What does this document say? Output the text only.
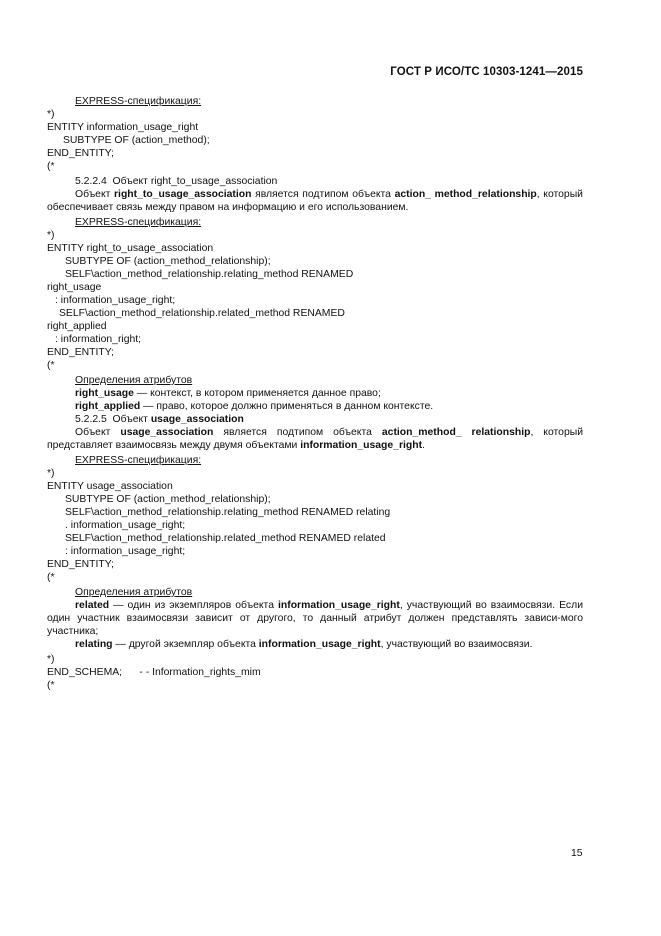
ГОСТ Р ИСО/ТС 10303-1241—2015
EXPRESS-спецификация:
*)
ENTITY information_usage_right
SUBTYPE OF (action_method);
END_ENTITY;
(*
5.2.2.4  Объект right_to_usage_association
Объект right_to_usage_association является подтипом объекта action_ method_relationship, который обеспечивает связь между правом на информацию и его использованием.
EXPRESS-спецификация:
*)
ENTITY right_to_usage_association
SUBTYPE OF (action_method_relationship);
SELF\action_method_relationship.relating_method RENAMED
right_usage
: information_usage_right;
SELF\action_method_relationship.related_method RENAMED
right_applied
: information_right;
END_ENTITY;
(*
Определения атрибутов
right_usage — контекст, в котором применяется данное право;
right_applied — право, которое должно применяться в данном контексте.
5.2.2.5  Объект usage_association
Объект usage_association является подтипом объекта action_method_ relationship, который представляет взаимосвязь между двумя объектами information_usage_right.
EXPRESS-спецификация:
*)
ENTITY usage_association
SUBTYPE OF (action_method_relationship);
SELF\action_method_relationship.relating_method RENAMED relating
. information_usage_right;
SELF\action_method_relationship.related_method RENAMED related
: information_usage_right;
END_ENTITY;
(*
Определения атрибутов
related — один из экземпляров объекта information_usage_right, участвующий во взаимосвязи. Если один участник взаимосвязи зависит от другого, то данный атрибут должен представлять зависи-мого участника;
relating — другой экземпляр объекта information_usage_right, участвующий во взаимосвязи.
*)
END_SCHEMA;      - - Information_rights_mim
(*
15
